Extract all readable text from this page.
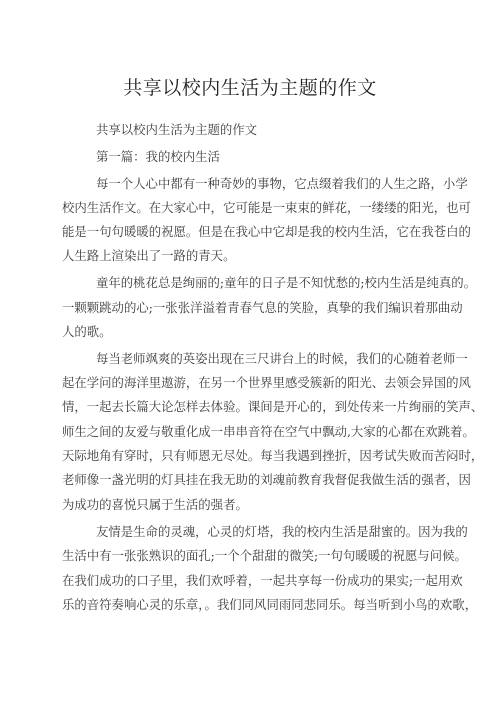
共享以校内生活为主题的作文
共享以校内生活为主题的作文
第一篇：我的校内生活
每一个人心中都有一种奇妙的事物，它点缀着我们的人生之路，小学
校内生活作文。在大家心中，它可能是一束束的鲜花，一缕缕的阳光，也可
能是一句句暖暖的祝愿。但是在我心中它却是我的校内生活，它在我苍白的
人生路上渲染出了一路的青天。
童年的桃花总是绚丽的;童年的日子是不知忧愁的;校内生活是纯真的。
一颗颗跳动的心;一张张洋溢着青春气息的笑脸，真挚的我们编识着那曲动
人的歌。
每当老师飒爽的英姿出现在三尺讲台上的时候，我们的心随着老师一
起在学问的海洋里遨游，在另一个世界里感受簇新的阳光、去领会异国的风
情，一起去长篇大论怎样去体验。课间是开心的，到处传来一片绚丽的笑声、
师生之间的友爱与敬重化成一串串音符在空气中飘动,大家的心都在欢跳着。
天际地角有穿时，只有师恩无尽处。每当我遇到挫折，因考试失败而苦闷时，
老师像一盏光明的灯具挂在我无助的刘魂前教育我督促我做生活的强者，因
为成功的喜悦只属于生活的强者。
友情是生命的灵魂，心灵的灯塔，我的校内生活是甜蜜的。因为我的
生活中有一张张熟识的面孔;一个个甜甜的微笑;一句句暖暖的祝愿与问候。
在我们成功的口子里，我们欢呼着，一起共享每一份成功的果实;一起用欢
乐的音符奏响心灵的乐章，。我们同风同雨同悲同乐。每当听到小鸟的欢歌，
